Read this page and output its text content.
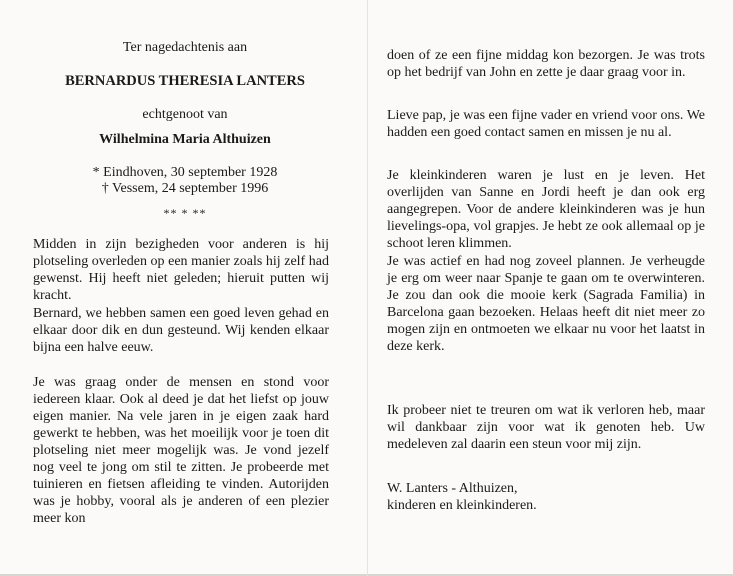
Ter nagedachtenis aan
BERNARDUS THERESIA LANTERS
echtgenoot van
Wilhelmina Maria Althuizen
* Eindhoven, 30 september 1928
† Vessem, 24 september 1996
** * **

Midden in zijn bezigheden voor anderen is hij plotseling overleden op een manier zoals hij zelf had gewenst. Hij heeft niet geleden; hieruit putten wij kracht.

Bernard, we hebben samen een goed leven gehad en elkaar door dik en dun gesteund. Wij kenden elkaar bijna een halve eeuw.

Je was graag onder de mensen en stond voor iedereen klaar. Ook al deed je dat het liefst op jouw eigen manier. Na vele jaren in je eigen zaak hard gewerkt te hebben, was het moeilijk voor je toen dit plotseling niet meer mogelijk was. Je vond jezelf nog veel te jong om stil te zitten. Je probeerde met tuinieren en fietsen afleiding te vinden. Autorijden was je hobby, vooral als je anderen of een plezier meer kon

doen of ze een fijne middag kon bezorgen. Je was trots op het bedrijf van John en zette je daar graag voor in.

Lieve pap, je was een fijne vader en vriend voor ons. We hadden een goed contact samen en missen je nu al.

Je kleinkinderen waren je lust en je leven. Het overlijden van Sanne en Jordi heeft je dan ook erg aangegrepen. Voor de andere kleinkinderen was je hun lievelings-opa, vol grapjes. Je hebt ze ook allemaal op je schoot leren klimmen.

Je was actief en had nog zoveel plannen. Je verheugde je erg om weer naar Spanje te gaan om te overwinteren. Je zou dan ook die mooie kerk (Sagrada Familia) in Barcelona gaan bezoeken. Helaas heeft dit niet meer zo mogen zijn en ontmoeten we elkaar nu voor het laatst in deze kerk.

Ik probeer niet te treuren om wat ik verloren heb, maar wil dankbaar zijn voor wat ik genoten heb. Uw medeleven zal daarin een steun voor mij zijn.

W. Lanters - Althuizen,
kinderen en kleinkinderen.
